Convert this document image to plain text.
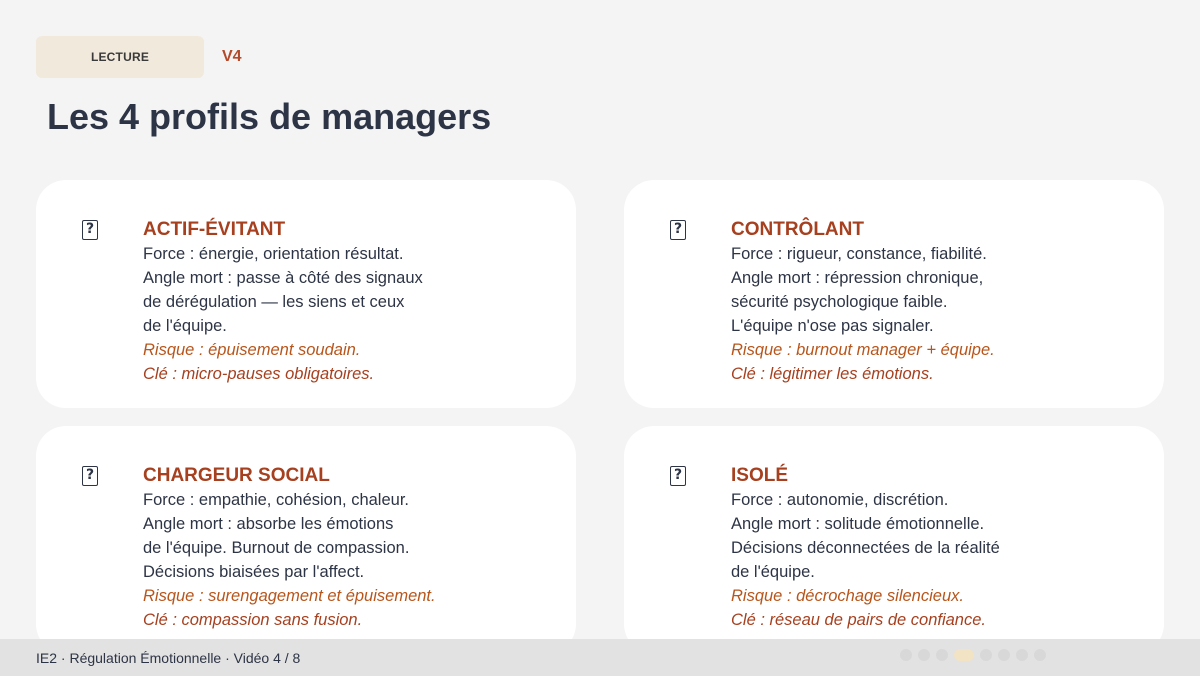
LECTURE	V4
Les 4 profils de managers
?	ACTIF-ÉVITANT
Force : énergie, orientation résultat.
Angle mort : passe à côté des signaux
de dérégulation — les siens et ceux
de l'équipe.
Risque : épuisement soudain.
Clé : micro-pauses obligatoires.
?	CONTRÔLANT
Force : rigueur, constance, fiabilité.
Angle mort : répression chronique,
sécurité psychologique faible.
L'équipe n'ose pas signaler.
Risque : burnout manager + équipe.
Clé : légitimer les émotions.
?	CHARGEUR SOCIAL
Force : empathie, cohésion, chaleur.
Angle mort : absorbe les émotions
de l'équipe. Burnout de compassion.
Décisions biaisées par l'affect.
Risque : surengagement et épuisement.
Clé : compassion sans fusion.
?	ISOLÉ
Force : autonomie, discrétion.
Angle mort : solitude émotionnelle.
Décisions déconnectées de la réalité
de l'équipe.
Risque : décrochage silencieux.
Clé : réseau de pairs de confiance.
IE2 · Régulation Émotionnelle · Vidéo 4 / 8
